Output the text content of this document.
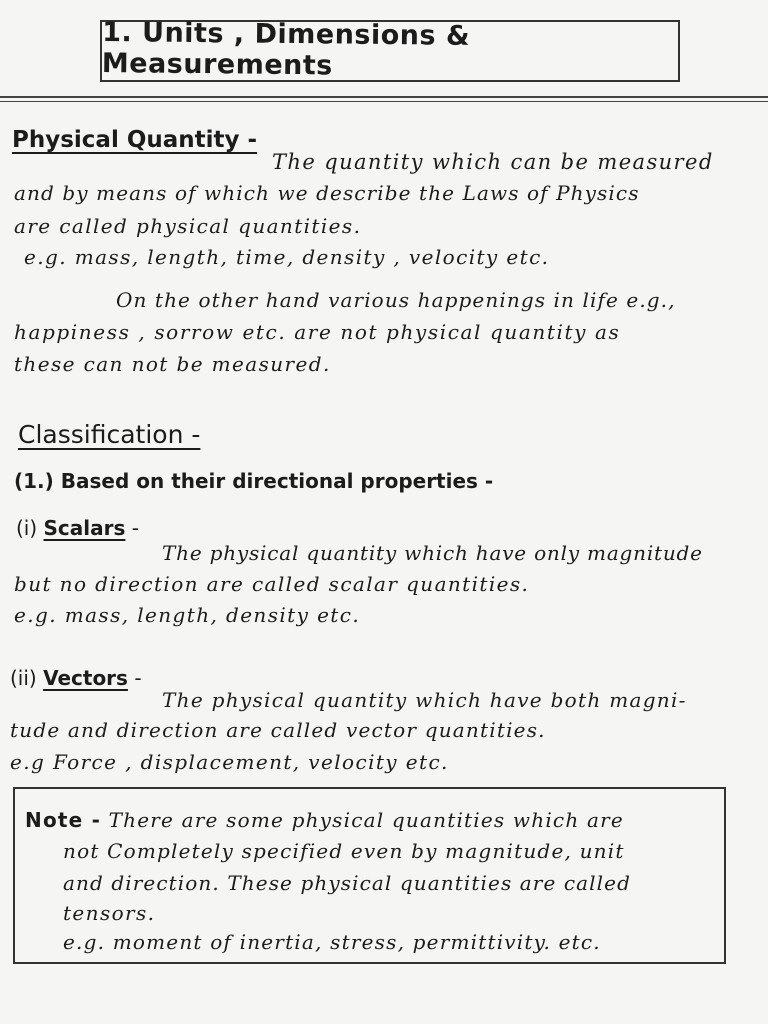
1. Units , Dimensions & Measurements
Physical Quantity -
The quantity which can be measured
and by means of which we describe the Laws of Physics
are called physical quantities.
e.g. mass, length, time, density , velocity etc.
On the other hand various happenings in life e.g.,
happiness , sorrow etc. are not physical quantity as
these can not be measured.
Classification -
(1.) Based on their directional properties -
(i) Scalars -
The physical quantity which have only magnitude
but no direction are called scalar quantities.
e.g. mass, length, density etc.
(ii) Vectors -
The physical quantity which have both magni-
tude and direction are called vector quantities.
e.g Force , displacement, velocity etc.
Note - There are some physical quantities which are
not Completely specified even by magnitude, unit
and direction. These physical quantities are called
tensors.
e.g. moment of inertia, stress, permittivity. etc.
